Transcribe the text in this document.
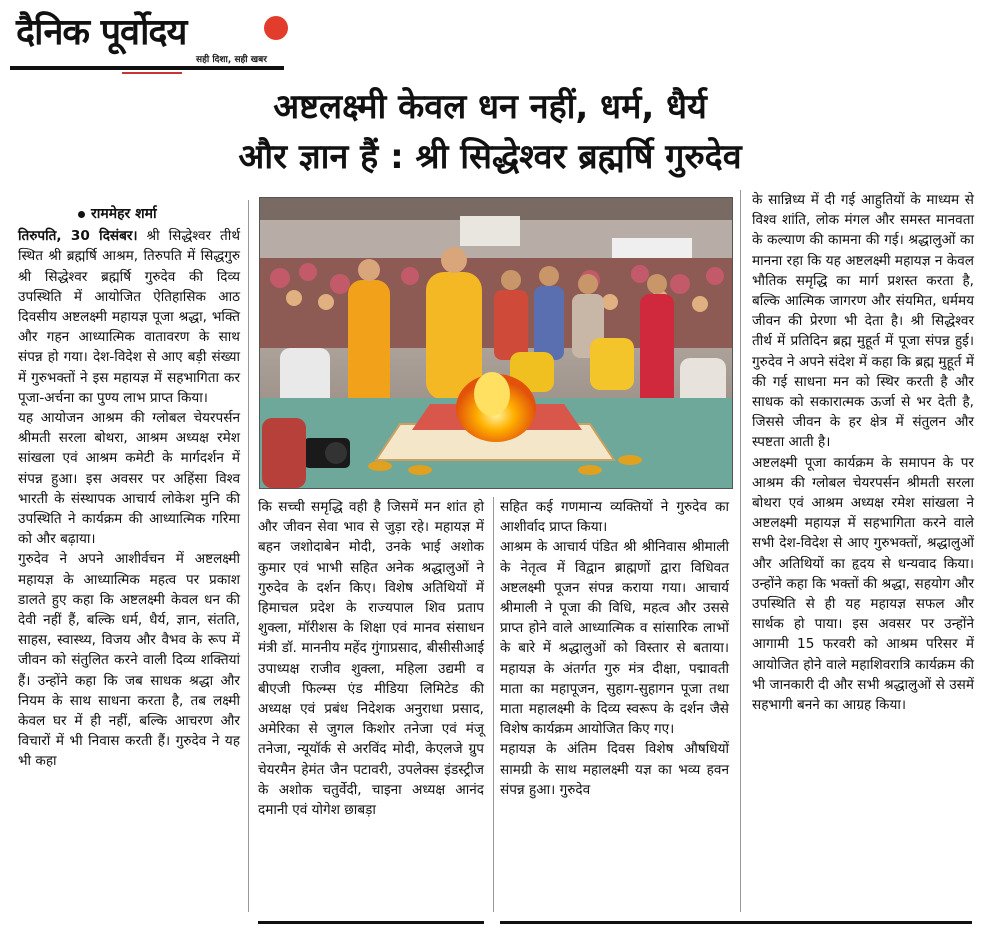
दैनिक पूर्वोदय
सही दिशा, सही खबर
अष्टलक्ष्मी केवल धन नहीं, धर्म, धैर्य
और ज्ञान हैं : श्री सिद्धेश्वर ब्रह्मर्षि गुरुदेव
राममेहर शर्मा

तिरुपति, 30 दिसंबर। श्री सिद्धेश्वर तीर्थ स्थित श्री ब्रह्मर्षि आश्रम, तिरुपति में सिद्धगुरु श्री सिद्धेश्वर ब्रह्मर्षि गुरुदेव की दिव्य उपस्थिति में आयोजित ऐतिहासिक आठ दिवसीय अष्टलक्ष्मी महायज्ञ पूजा श्रद्धा, भक्ति और गहन आध्यात्मिक वातावरण के साथ संपन्न हो गया। देश-विदेश से आए बड़ी संख्या में गुरुभक्तों ने इस महायज्ञ में सहभागिता कर पूजा-अर्चना का पुण्य लाभ प्राप्त किया।

यह आयोजन आश्रम की ग्लोबल चेयरपर्सन श्रीमती सरला बोथरा, आश्रम अध्यक्ष रमेश सांखला एवं आश्रम कमेटी के मार्गदर्शन में संपन्न हुआ। इस अवसर पर अहिंसा विश्व भारती के संस्थापक आचार्य लोकेश मुनि की उपस्थिति ने कार्यक्रम की आध्यात्मिक गरिमा को और बढ़ाया।

गुरुदेव ने अपने आशीर्वचन में अष्टलक्ष्मी महायज्ञ के आध्यात्मिक महत्व पर प्रकाश डालते हुए कहा कि अष्टलक्ष्मी केवल धन की देवी नहीं हैं, बल्कि धर्म, धैर्य, ज्ञान, संतति, साहस, स्वास्थ्य, विजय और वैभव के रूप में जीवन को संतुलित करने वाली दिव्य शक्तियां हैं। उन्होंने कहा कि जब साधक श्रद्धा और नियम के साथ साधना करता है, तब लक्ष्मी केवल घर में ही नहीं, बल्कि आचरण और विचारों में भी निवास करती हैं। गुरुदेव ने यह भी कहा

कि सच्ची समृद्धि वही है जिसमें मन शांत हो और जीवन सेवा भाव से जुड़ा रहे। महायज्ञ में बहन जशोदाबेन मोदी, उनके भाई अशोक कुमार एवं भाभी सहित अनेक श्रद्धालुओं ने गुरुदेव के दर्शन किए। विशेष अतिथियों में हिमाचल प्रदेश के राज्यपाल शिव प्रताप शुक्ला, मॉरीशस के शिक्षा एवं मानव संसाधन मंत्री डॉ. माननीय महेंद गुंगाप्रसाद, बीसीसीआई उपाध्यक्ष राजीव शुक्ला, महिला उद्यमी व बीएजी फिल्म्स एंड मीडिया लिमिटेड की अध्यक्ष एवं प्रबंध निदेशक अनुराधा प्रसाद, अमेरिका से जुगल किशोर तनेजा एवं मंजू तनेजा, न्यूयॉर्क से अरविंद मोदी, केएलजे ग्रुप चेयरमैन हेमंत जैन पटावरी, उपलेक्स इंडस्ट्रीज के अशोक चतुर्वेदी, चाइना अध्यक्ष आनंद दमानी एवं योगेश छाबड़ा

सहित कई गणमान्य व्यक्तियों ने गुरुदेव का आशीर्वाद प्राप्त किया।

आश्रम के आचार्य पंडित श्री श्रीनिवास श्रीमाली के नेतृत्व में विद्वान ब्राह्मणों द्वारा विधिवत अष्टलक्ष्मी पूजन संपन्न कराया गया। आचार्य श्रीमाली ने पूजा की विधि, महत्व और उससे प्राप्त होने वाले आध्यात्मिक व सांसारिक लाभों के बारे में श्रद्धालुओं को विस्तार से बताया। महायज्ञ के अंतर्गत गुरु मंत्र दीक्षा, पद्मावती माता का महापूजन, सुहाग-सुहागन पूजा तथा माता महालक्ष्मी के दिव्य स्वरूप के दर्शन जैसे विशेष कार्यक्रम आयोजित किए गए।

महायज्ञ के अंतिम दिवस विशेष औषधियों सामग्री के साथ महालक्ष्मी यज्ञ का भव्य हवन संपन्न हुआ। गुरुदेव

के सान्निध्य में दी गई आहुतियों के माध्यम से विश्व शांति, लोक मंगल और समस्त मानवता के कल्याण की कामना की गई। श्रद्धालुओं का मानना रहा कि यह अष्टलक्ष्मी महायज्ञ न केवल भौतिक समृद्धि का मार्ग प्रशस्त करता है, बल्कि आत्मिक जागरण और संयमित, धर्ममय जीवन की प्रेरणा भी देता है। श्री सिद्धेश्वर तीर्थ में प्रतिदिन ब्रह्म मुहूर्त में पूजा संपन्न हुई। गुरुदेव ने अपने संदेश में कहा कि ब्रह्म मुहूर्त में की गई साधना मन को स्थिर करती है और साधक को सकारात्मक ऊर्जा से भर देती है, जिससे जीवन के हर क्षेत्र में संतुलन और स्पष्टता आती है।

अष्टलक्ष्मी पूजा कार्यक्रम के समापन के पर आश्रम की ग्लोबल चेयरपर्सन श्रीमती सरला बोथरा एवं आश्रम अध्यक्ष रमेश सांखला ने अष्टलक्ष्मी महायज्ञ में सहभागिता करने वाले सभी देश-विदेश से आए गुरुभक्तों, श्रद्धालुओं और अतिथियों का हृदय से धन्यवाद किया। उन्होंने कहा कि भक्तों की श्रद्धा, सहयोग और उपस्थिति से ही यह महायज्ञ सफल और सार्थक हो पाया। इस अवसर पर उन्होंने आगामी 15 फरवरी को आश्रम परिसर में आयोजित होने वाले महाशिवरात्रि कार्यक्रम की भी जानकारी दी और सभी श्रद्धालुओं से उसमें सहभागी बनने का आग्रह किया।
